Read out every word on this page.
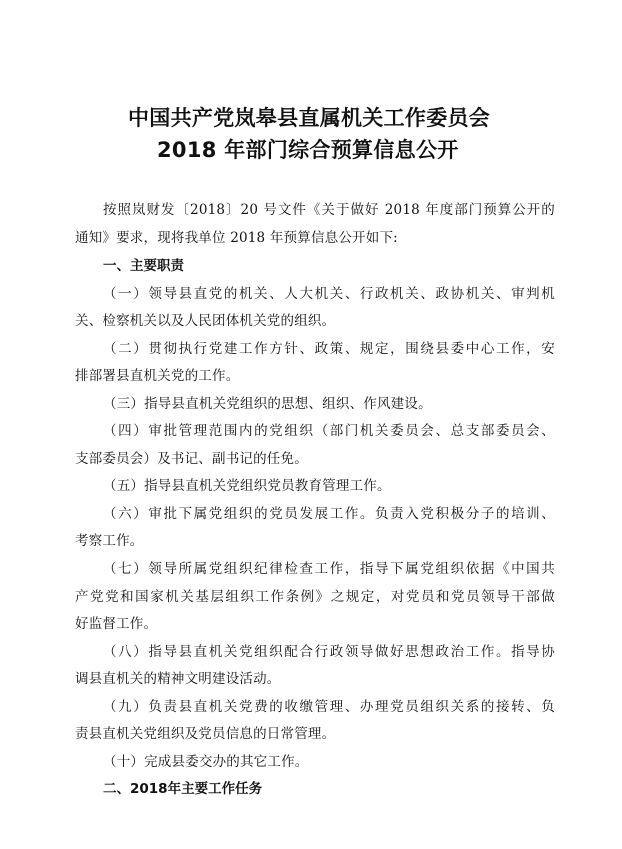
中国共产党岚皋县直属机关工作委员会
2018 年部门综合预算信息公开
按照岚财发〔2018〕20 号文件《关于做好 2018 年度部门预算公开的
通知》要求，现将我单位 2018 年预算信息公开如下:
一、主要职责
（一）领导县直党的机关、人大机关、行政机关、政协机关、审判机
关、检察机关以及人民团体机关党的组织。
（二）贯彻执行党建工作方针、政策、规定，围绕县委中心工作，安
排部署县直机关党的工作。
（三）指导县直机关党组织的思想、组织、作风建设。
（四）审批管理范围内的党组织（部门机关委员会、总支部委员会、
支部委员会）及书记、副书记的任免。
（五）指导县直机关党组织党员教育管理工作。
（六）审批下属党组织的党员发展工作。负责入党积极分子的培训、
考察工作。
（七）领导所属党组织纪律检查工作，指导下属党组织依据《中国共
产党党和国家机关基层组织工作条例》之规定，对党员和党员领导干部做
好监督工作。
（八）指导县直机关党组织配合行政领导做好思想政治工作。指导协
调县直机关的精神文明建设活动。
（九）负责县直机关党费的收缴管理、办理党员组织关系的接转、负
责县直机关党组织及党员信息的日常管理。
（十）完成县委交办的其它工作。
二、2018年主要工作任务
